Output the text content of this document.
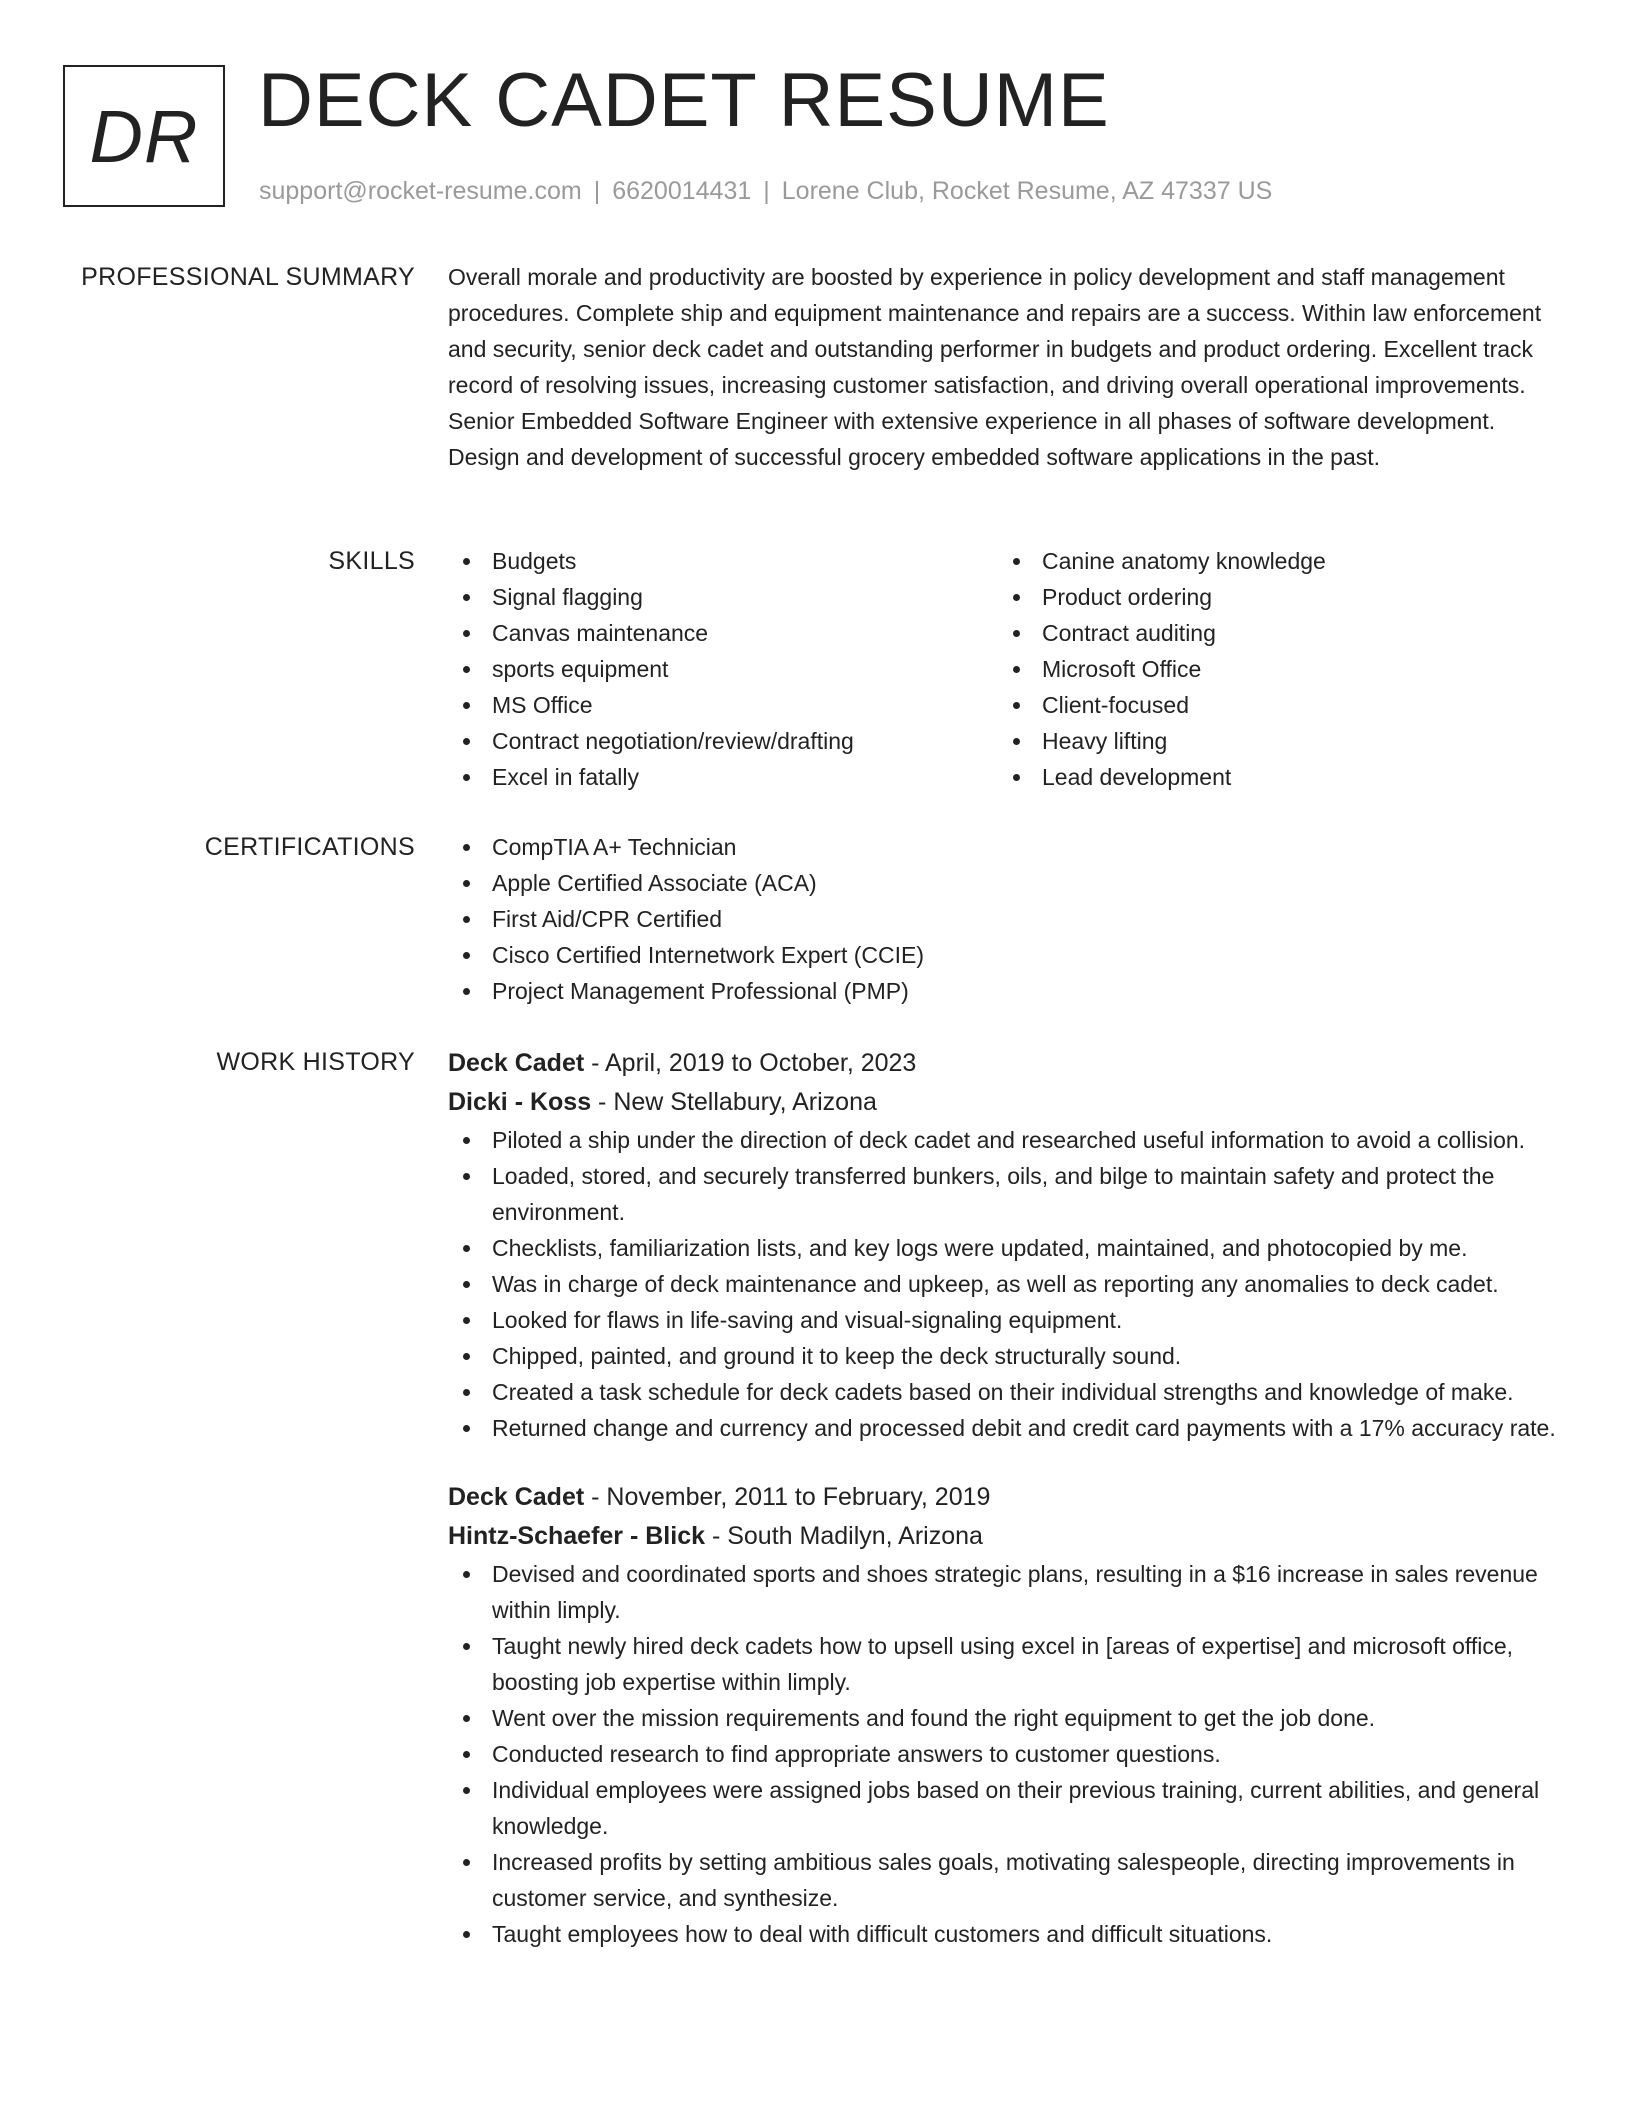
DR DECK CADET RESUME
support@rocket-resume.com | 6620014431 | Lorene Club, Rocket Resume, AZ 47337 US
PROFESSIONAL SUMMARY Overall morale and productivity are boosted by experience in policy development and staff management procedures. Complete ship and equipment maintenance and repairs are a success. Within law enforcement and security, senior deck cadet and outstanding performer in budgets and product ordering. Excellent track record of resolving issues, increasing customer satisfaction, and driving overall operational improvements. Senior Embedded Software Engineer with extensive experience in all phases of software development. Design and development of successful grocery embedded software applications in the past.

SKILLS	Budgets
Signal flagging
Canvas maintenance
sports equipment
MS Office
Contract negotiation/review/drafting
Excel in fatally
Canine anatomy knowledge
Product ordering
Contract auditing
Microsoft Office
Client-focused
Heavy lifting
Lead development
CERTIFICATIONS	CompTIA A+ Technician
Apple Certified Associate (ACA)
First Aid/CPR Certified
Cisco Certified Internetwork Expert (CCIE)
Project Management Professional (PMP)
WORK HISTORY Deck Cadet - April, 2019 to October, 2023
Dicki - Koss - New Stellabury, Arizona
Piloted a ship under the direction of deck cadet and researched useful information to avoid a collision.
Loaded, stored, and securely transferred bunkers, oils, and bilge to maintain safety and protect the environment.
Checklists, familiarization lists, and key logs were updated, maintained, and photocopied by me.
Was in charge of deck maintenance and upkeep, as well as reporting any anomalies to deck cadet.
Looked for flaws in life-saving and visual-signaling equipment.
Chipped, painted, and ground it to keep the deck structurally sound.
Created a task schedule for deck cadets based on their individual strengths and knowledge of make.
Returned change and currency and processed debit and credit card payments with a 17% accuracy rate.
Deck Cadet - November, 2011 to February, 2019
Hintz-Schaefer - Blick - South Madilyn, Arizona
Devised and coordinated sports and shoes strategic plans, resulting in a $16 increase in sales revenue within limply.
Taught newly hired deck cadets how to upsell using excel in [areas of expertise] and microsoft office, boosting job expertise within limply.
Went over the mission requirements and found the right equipment to get the job done.
Conducted research to find appropriate answers to customer questions.
Individual employees were assigned jobs based on their previous training, current abilities, and general knowledge.
Increased profits by setting ambitious sales goals, motivating salespeople, directing improvements in customer service, and synthesize.
Taught employees how to deal with difficult customers and difficult situations.
